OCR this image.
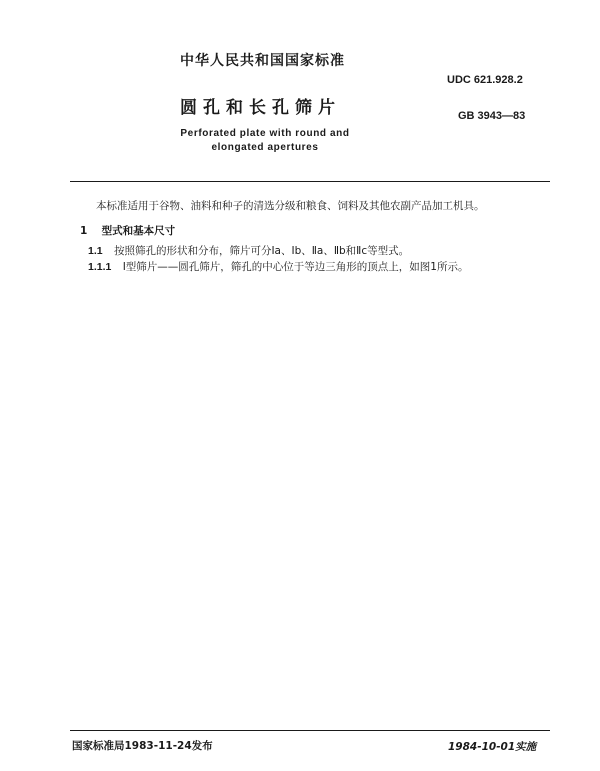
中华人民共和国国家标准
UDC 621.928.2
圆孔和长孔筛片	GB 3943—83
Perforated plate with round and
elongated apertures
本标准适用于谷物、油料和种子的清选分级和粮食、饲料及其他农副产品加工机具。
1 型式和基本尺寸
1.1 按照筛孔的形状和分布，筛片可分Ⅰa、Ⅰb、Ⅱa、Ⅱb和Ⅱc等型式。
1.1.1 Ⅰ型筛片——圆孔筛片，筛孔的中心位于等边三角形的顶点上，如图1所示。
国家标准局1983-11-24发布	1984-10-01实施
